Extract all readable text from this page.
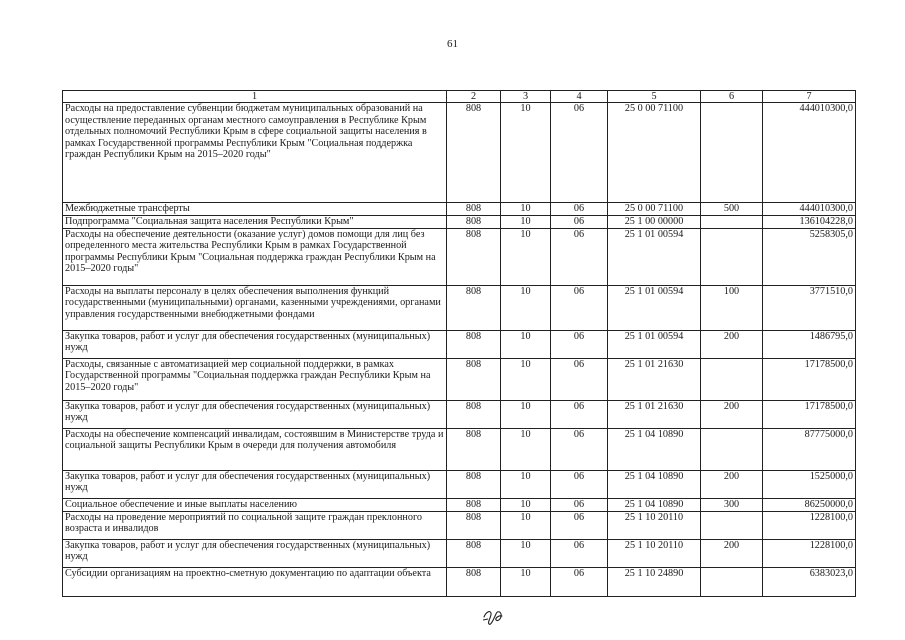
61
1	2	3	4	5	6	7
Расходы на предоставление субвенции бюджетам муниципальных образований на осуществление переданных органам местного самоуправления в Республике Крым отдельных полномочий Республики Крым в сфере социальной защиты населения в рамках Государственной программы Республики Крым "Социальная поддержка граждан Республики Крым на 2015–2020 годы"	808	10	06	25 0 00 71100		444010300,0
Межбюджетные трансферты	808	10	06	25 0 00 71100	500	444010300,0
Подпрограмма "Социальная защита населения Республики Крым"	808	10	06	25 1 00 00000		136104228,0
Расходы на обеспечение деятельности (оказание услуг) домов помощи для лиц без определенного места жительства Республики Крым в рамках Государственной программы Республики Крым "Социальная поддержка граждан Республики Крым на 2015–2020 годы"	808	10	06	25 1 01 00594		5258305,0
Расходы на выплаты персоналу в целях обеспечения выполнения функций государственными (муниципальными) органами, казенными учреждениями, органами управления государственными внебюджетными фондами	808	10	06	25 1 01 00594	100	3771510,0
Закупка товаров, работ и услуг для обеспечения государственных (муниципальных) нужд	808	10	06	25 1 01 00594	200	1486795,0
Расходы, связанные с автоматизацией мер социальной поддержки, в рамках Государственной программы "Социальная поддержка граждан Республики Крым на 2015–2020 годы"	808	10	06	25 1 01 21630		17178500,0
Закупка товаров, работ и услуг для обеспечения государственных (муниципальных) нужд	808	10	06	25 1 01 21630	200	17178500,0
Расходы на обеспечение компенсаций инвалидам, состоявшим в Министерстве труда и социальной защиты Республики Крым в очереди для получения автомобиля	808	10	06	25 1 04 10890		87775000,0
Закупка товаров, работ и услуг для обеспечения государственных (муниципальных) нужд	808	10	06	25 1 04 10890	200	1525000,0
Социальное обеспечение и иные выплаты населению	808	10	06	25 1 04 10890	300	86250000,0
Расходы на проведение мероприятий по социальной защите граждан преклонного возраста и инвалидов	808	10	06	25 1 10 20110		1228100,0
Закупка товаров, работ и услуг для обеспечения государственных (муниципальных) нужд	808	10	06	25 1 10 20110	200	1228100,0
Субсидии организациям на проектно-сметную документацию по адаптации объекта	808	10	06	25 1 10 24890		6383023,0
